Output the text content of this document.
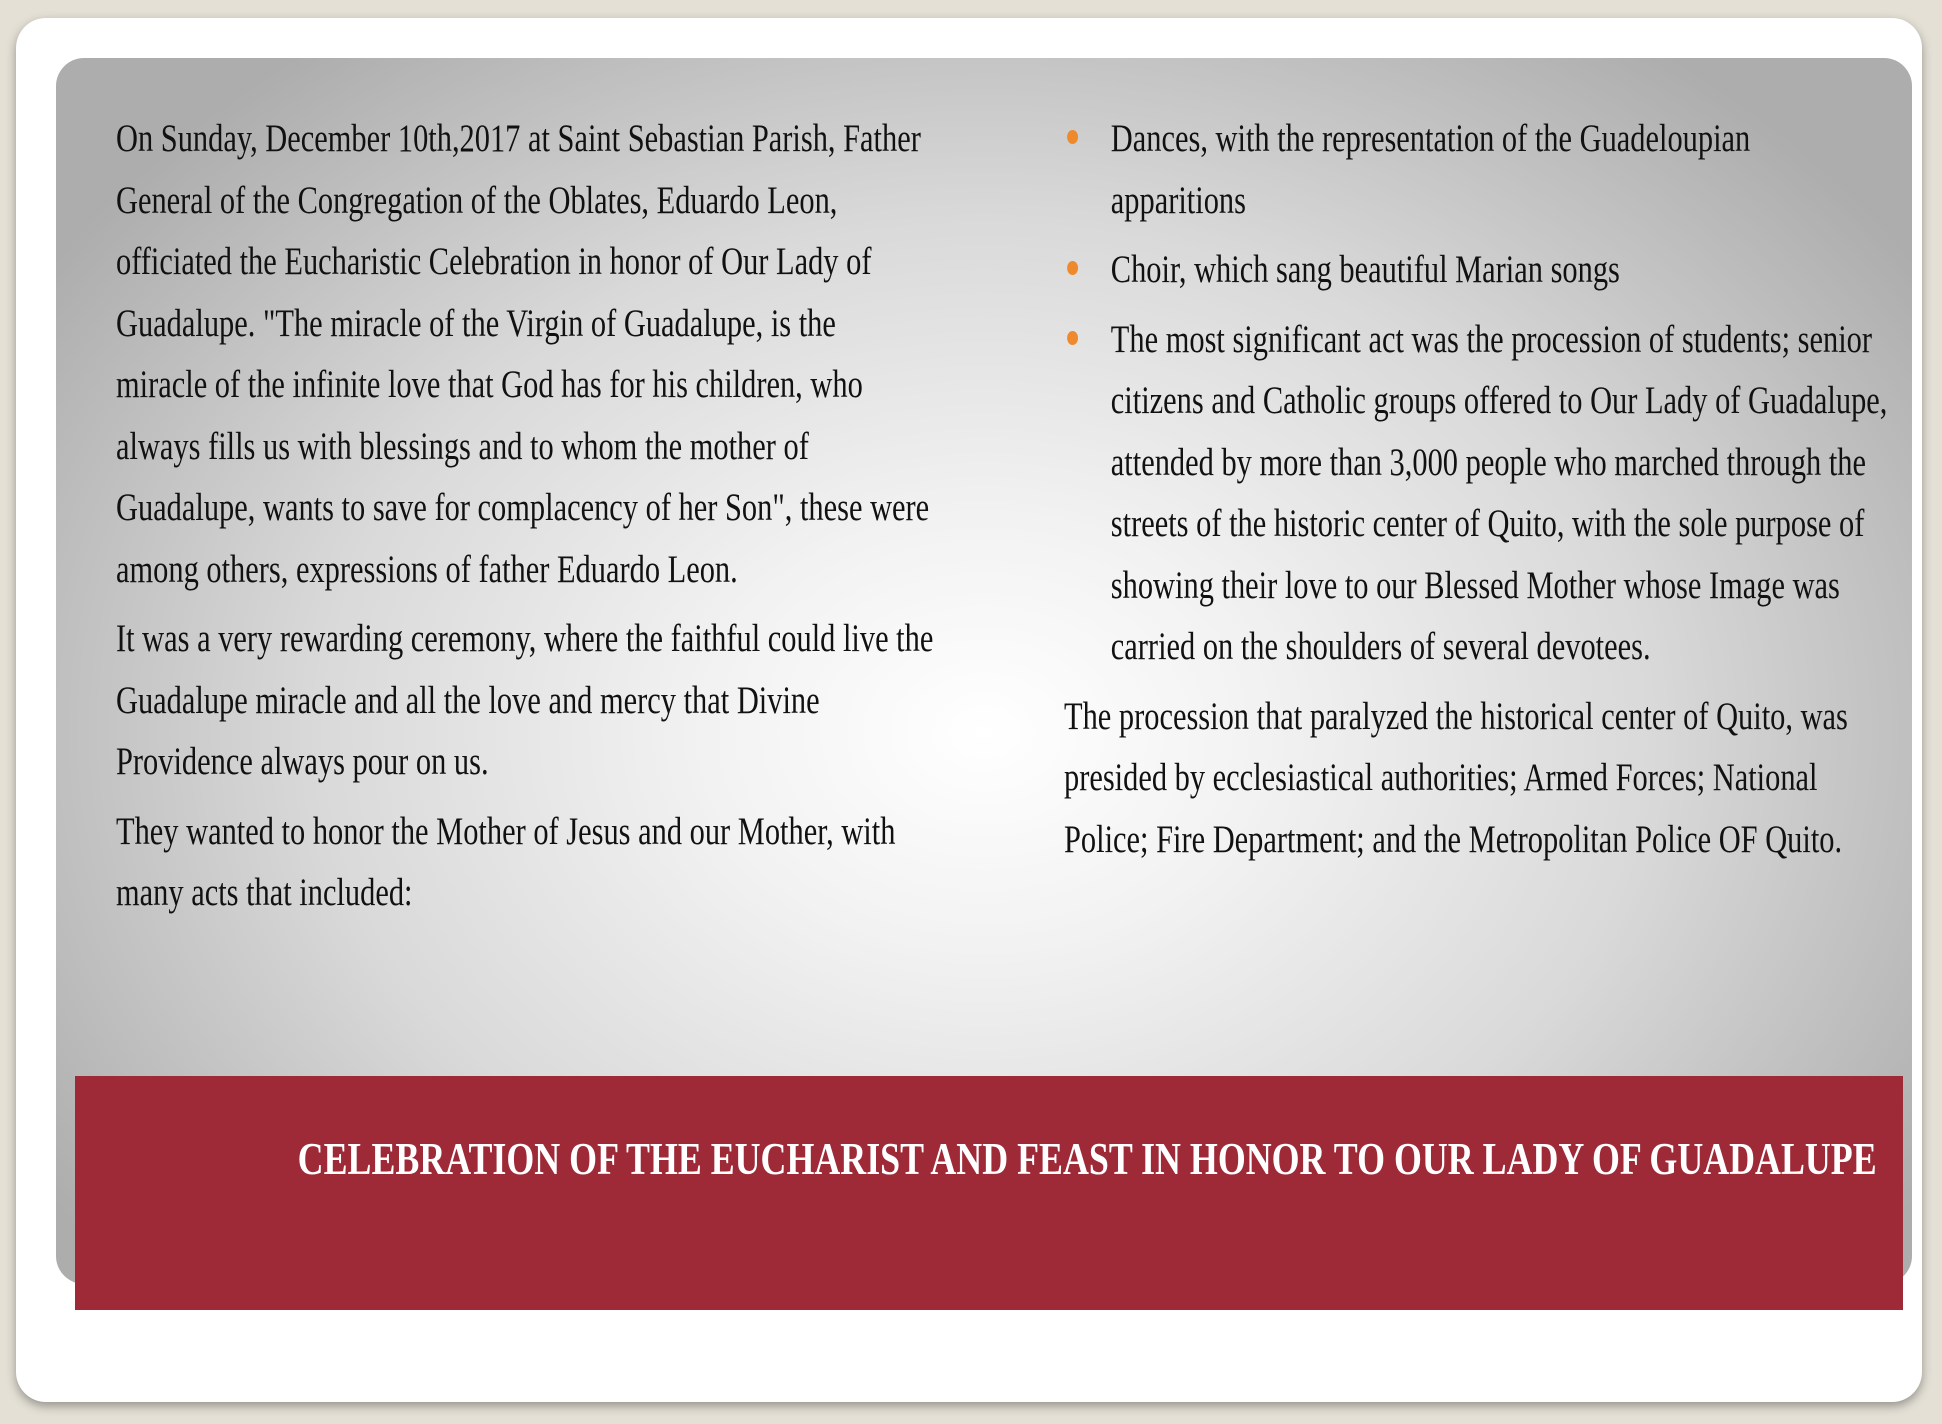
On Sunday, December 10th,2017 at Saint Sebastian Parish, Father General of the Congregation of the Oblates, Eduardo Leon, officiated the Eucharistic Celebration in honor of Our Lady of Guadalupe. "The miracle of the Virgin of Guadalupe, is the miracle of the infinite love that God has for his children, who always fills us with blessings and to whom the mother of Guadalupe, wants to save for complacency of her Son", these were among others, expressions of father Eduardo Leon.

It was a very rewarding ceremony, where the faithful could live the Guadalupe miracle and all the love and mercy that Divine Providence always pour on us.

They wanted to honor the Mother of Jesus and our Mother, with many acts that included:

Dances, with the representation of the Guadeloupian apparitions
Choir, which sang beautiful Marian songs
The most significant act was the procession of students; senior citizens and Catholic groups offered to Our Lady of Guadalupe, attended by more than 3,000 people who marched through the streets of the historic center of Quito, with the sole purpose of showing their love to our Blessed Mother whose Image was carried on the shoulders of several devotees.

The procession that paralyzed the historical center of Quito, was presided by ecclesiastical authorities; Armed Forces; National Police; Fire Department; and the Metropolitan Police OF Quito.

CELEBRATION OF THE EUCHARIST AND FEAST IN HONOR TO OUR LADY OF GUADALUPE
